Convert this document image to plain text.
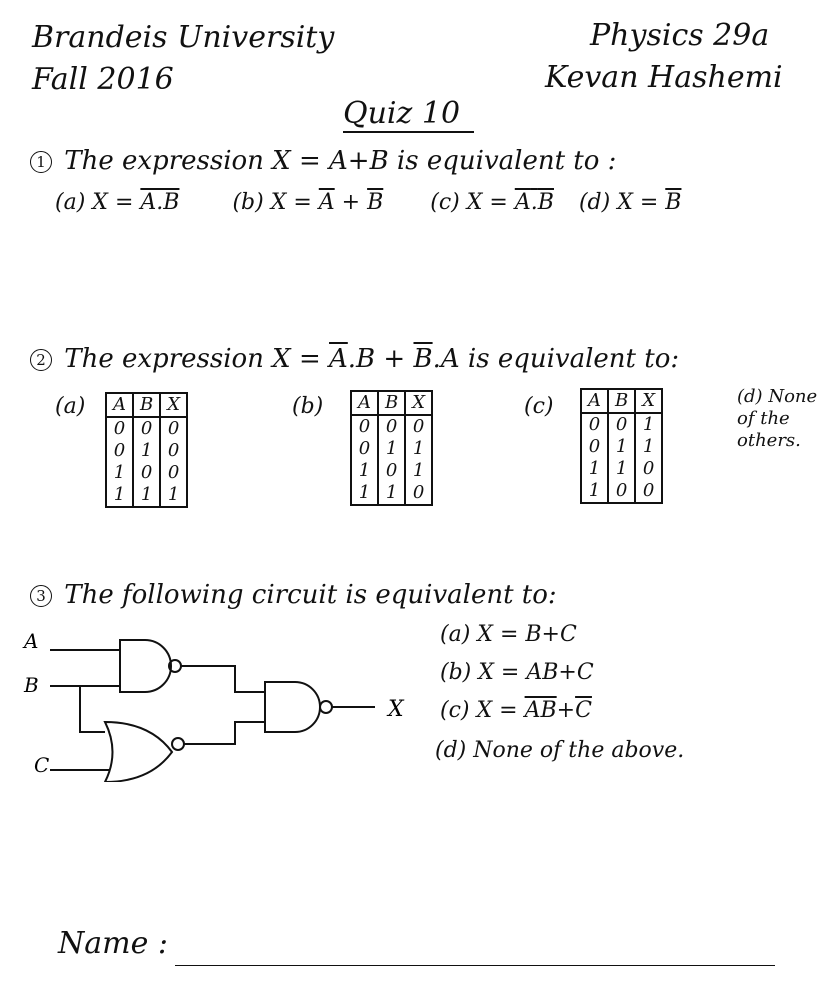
Brandeis University
Fall 2016
Physics 29a
Kevan Hashemi
Quiz 10
1 The expression X = A+B is equivalent to :
(a) X = A.B (b) $X = \overline{A} + \overline{B}$ (c) X = A.B (d) $X = \overline{B}$
2 The expression $X = \overline{A}.B + \overline{B}.A$ is equivalent to:
(a) A	B	X
0	0	0
0	1	0
1	0	0
1	1	1
(b) A	B	X
0	0	0
0	1	1
1	0	1
1	1	0
(c) A	B	X
0	0	1
0	1	1
1	1	0
1	0	0
(d) None of the others.
3 The following circuit is equivalent to:
A
B
C
X
(a) X = B+C
(b) X = AB+C
(c) $X = \overline{AB}+\overline{C}$
(d) None of the above.
Name :
